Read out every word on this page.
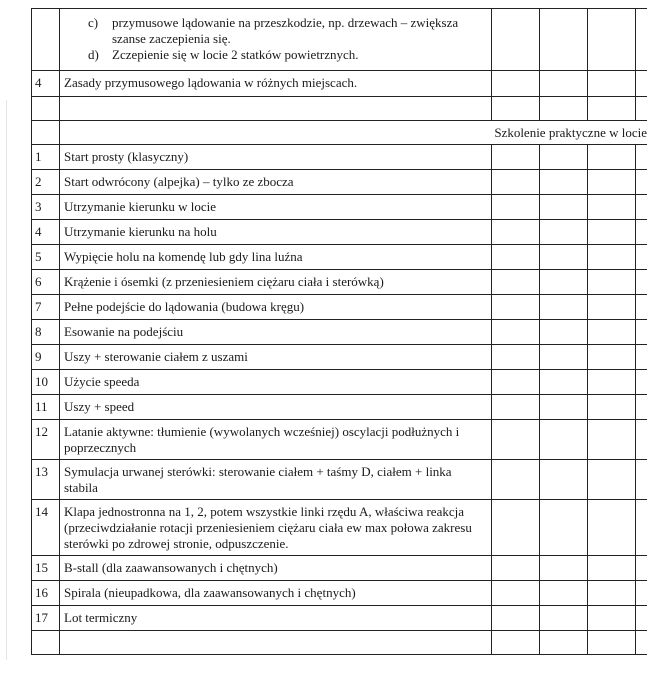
	c) przymusowe lądowanie na przeszkodzie, np. drzewach – zwiększa szanse zaczepienia się.
d) Zczepienie się w locie 2 statków powietrznych.				

4	Zasady przymusowego lądowania w różnych miejscach.				

	Szkolenie praktyczne w locie				
1	Start prosty (klasyczny)				
2	Start odwrócony (alpejka) – tylko ze zbocza				
3	Utrzymanie kierunku w locie				
4	Utrzymanie kierunku na holu				
5	Wypięcie holu na komendę lub gdy lina luźna				
6	Krążenie i ósemki (z przeniesieniem ciężaru ciała i sterówką)				
7	Pełne podejście do lądowania (budowa kręgu)				
8	Esowanie na podejściu				
9	Uszy + sterowanie ciałem z uszami				
10	Użycie speeda				
11	Uszy + speed				
12	Latanie aktywne: tłumienie (wywolanych wcześniej) oscylacji podłużnych i poprzecznych				
13	Symulacja urwanej sterówki: sterowanie ciałem + taśmy D, ciałem + linka stabila				
14	Klapa jednostronna na 1, 2, potem wszystkie linki rzędu A, właściwa reakcja (przeciwdziałanie rotacji przeniesieniem ciężaru ciała ew max połowa zakresu sterówki po zdrowej stronie, odpuszczenie.				
15	B-stall (dla zaawansowanych i chętnych)				
16	Spirala (nieupadkowa, dla zaawansowanych i chętnych)				
17	Lot termiczny				
